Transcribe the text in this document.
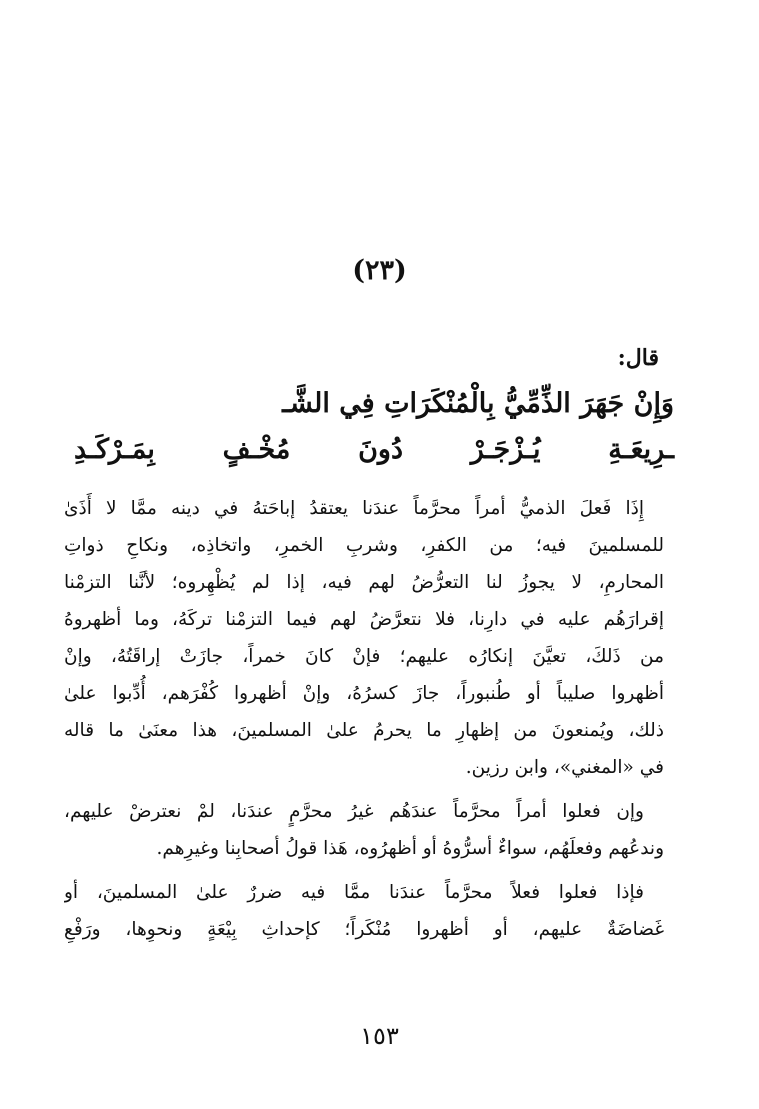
(٢٣)
قال:
وَإِنْ جَهَرَ الذِّمِّيُّ بِالْمُنْكَرَاتِ فِي الشَّـ
ـرِيعَـةِ يُـزْجَـرْ دُونَ مُخْـفٍ بِمَـرْكَـدِ
إِذَا فَعلَ الذميُّ أمراً محرَّماً عندَنا يعتقدُ إباحَتهُ في دينه ممَّا لا أَذَىٰ
للمسلمينَ فيه؛ من الكفرِ، وشربِ الخمرِ، واتخاذِه، ونكاحِ ذواتِ
المحارمِ، لا يجوزُ لنا التعرُّضُ لهم فيه، إذا لم يُظْهِروه؛ لأنَّنا التزمْنا
إقرارَهُم عليه في دارِنا، فلا نتعرَّضُ لهم فيما التزمْنا تركَهُ، وما أظهروهُ
من ذَلكَ، تعيَّنَ إنكارُه عليهم؛ فإنْ كانَ خمراً، جازَتْ إراقَتُهُ، وإنْ
أظهروا صليباً أو طُنبوراً، جازَ كسرُهُ، وإنْ أظهروا كُفْرَهم، أُدِّبوا علىٰ
ذلك، ويُمنعونَ من إظهارِ ما يحرمُ علىٰ المسلمينَ، هذا معنَىٰ ما قاله
في «المغني»، وابن رزين.
وإن فعلوا أمراً محرَّماً عندَهُم غيرُ محرَّمٍ عندَنا، لمْ نعترضْ عليهم،
وندعُهم وفعلَهُم، سواءٌ أسرُّوهُ أو أظهرُوه، هَذا قولُ أصحابِنا وغيرِهم.
فإذا فعلوا فعلاً محرَّماً عندَنا ممَّا فيه ضررٌ علىٰ المسلمينَ، أو
غَضاضَةٌ عليهم، أو أظهروا مُنْكَراً؛ كإحداثِ بِيْعَةٍ ونحوِها، ورَفْعِ
١٥٣
